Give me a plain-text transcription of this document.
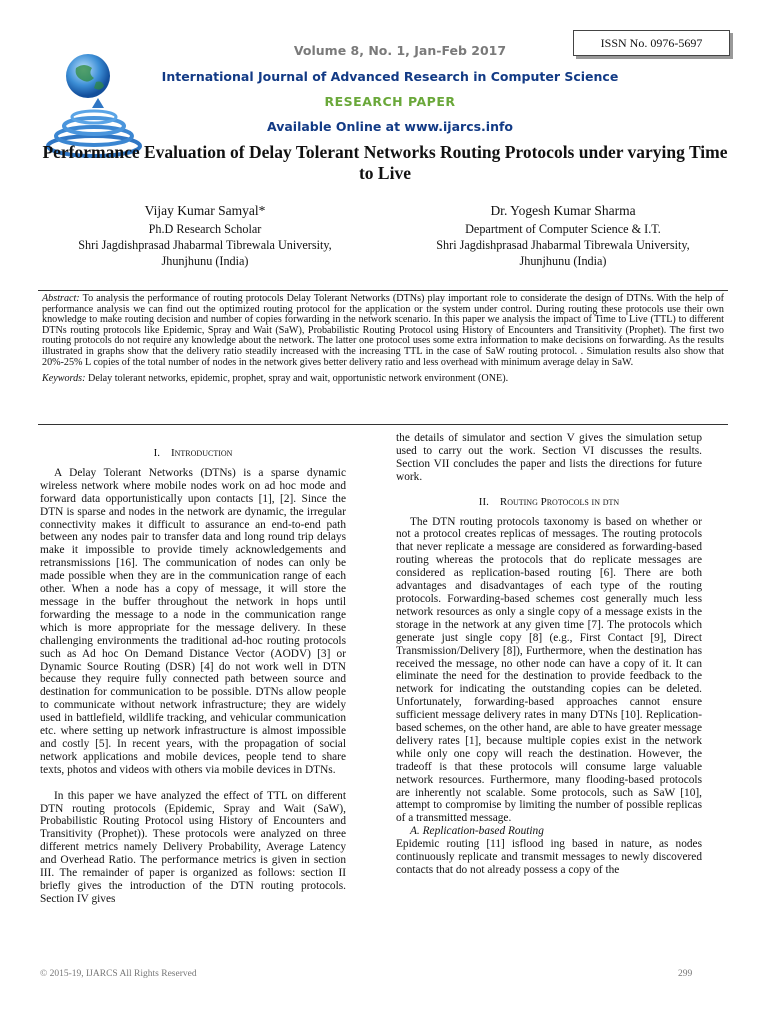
ISSN No. 0976-5697
Volume 8, No. 1, Jan-Feb 2017
International Journal of Advanced Research in Computer Science
RESEARCH PAPER
Available Online at www.ijarcs.info
Performance Evaluation of Delay Tolerant Networks Routing Protocols under varying Time to Live
Vijay Kumar Samyal*
Ph.D Research Scholar
Shri Jagdishprasad Jhabarmal Tibrewala University,
Jhunjhunu (India)
Dr. Yogesh Kumar Sharma
Department of Computer Science & I.T.
Shri Jagdishprasad Jhabarmal Tibrewala University,
Jhunjhunu (India)

Abstract: To analysis the performance of routing protocols Delay Tolerant Networks (DTNs) play important role to considerate the design of DTNs. With the help of performance analysis we can find out the optimized routing protocol for the application or the system under control. During routing these protocols use their own knowledge to make routing decision and number of copies forwarding in the network scenario. In this paper we analysis the impact of Time to Live (TTL) to different DTNs routing protocols like Epidemic, Spray and Wait (SaW), Probabilistic Routing Protocol using History of Encounters and Transitivity (Prophet). The first two routing protocols do not require any knowledge about the network. The latter one protocol uses some extra information to make decisions on forwarding. As the results illustrated in graphs show that the delivery ratio steadily increased with the increasing TTL in the case of SaW routing protocol. . Simulation results also show that 20%-25% L copies of the total number of nodes in the network gives better delivery ratio and less overhead with minimum average delay in SaW.

Keywords: Delay tolerant networks, epidemic, prophet, spray and wait, opportunistic network environment (ONE).

I. Introduction

A Delay Tolerant Networks (DTNs) is a sparse dynamic wireless network where mobile nodes work on ad hoc mode and forward data opportunistically upon contacts [1], [2]. Since the DTN is sparse and nodes in the network are dynamic, the irregular connectivity makes it difficult to assurance an end-to-end path between any nodes pair to transfer data and long round trip delays make it impossible to provide timely acknowledgements and retransmissions [16]. The communication of nodes can only be made possible when they are in the communication range of each other. When a node has a copy of message, it will store the message in the buffer throughout the network in hops until forwarding the message to a node in the communication range which is more appropriate for the message delivery. In these challenging environments the traditional ad-hoc routing protocols such as Ad hoc On Demand Distance Vector (AODV) [3] or Dynamic Source Routing (DSR) [4] do not work well in DTN because they require fully connected path between source and destination for communication to be possible. DTNs allow people to communicate without network infrastructure; they are widely used in battlefield, wildlife tracking, and vehicular communication etc. where setting up network infrastructure is almost impossible and costly [5]. In recent years, with the propagation of social network applications and mobile devices, people tend to share texts, photos and videos with others via mobile devices in DTNs.

In this paper we have analyzed the effect of TTL on different DTN routing protocols (Epidemic, Spray and Wait (SaW), Probabilistic Routing Protocol using History of Encounters and Transitivity (Prophet)). These protocols were analyzed on three different metrics namely Delivery Probability, Average Latency and Overhead Ratio. The performance metrics is given in section III. The remainder of paper is organized as follows: section II briefly gives the introduction of the DTN routing protocols. Section IV gives

the details of simulator and section V gives the simulation setup used to carry out the work. Section VI discusses the results. Section VII concludes the paper and lists the directions for future work.

II. Routing Protocols in dtn

The DTN routing protocols taxonomy is based on whether or not a protocol creates replicas of messages. The routing protocols that never replicate a message are considered as forwarding-based routing whereas the protocols that do replicate messages are considered as replication-based routing [6]. There are both advantages and disadvantages of each type of the routing protocols. Forwarding-based schemes cost generally much less network resources as only a single copy of a message exists in the storage in the network at any given time [7]. The protocols which generate just single copy [8] (e.g., First Contact [9], Direct Transmission/Delivery [8]), Furthermore, when the destination has received the message, no other node can have a copy of it. It can eliminate the need for the destination to provide feedback to the network for indicating the outstanding copies can be deleted. Unfortunately, forwarding-based approaches cannot ensure sufficient message delivery rates in many DTNs [10]. Replication-based schemes, on the other hand, are able to have greater message delivery rates [1], because multiple copies exist in the network while only one copy will reach the destination. However, the tradeoff is that these protocols will consume large valuable network resources. Furthermore, many flooding-based protocols are inherently not scalable. Some protocols, such as SaW [10], attempt to compromise by limiting the number of possible replicas of a transmitted message.

A. Replication-based Routing

Epidemic routing [11] isflood ing based in nature, as nodes continuously replicate and transmit messages to newly discovered contacts that do not already possess a copy of the

© 2015-19, IJARCS All Rights Reserved	299
